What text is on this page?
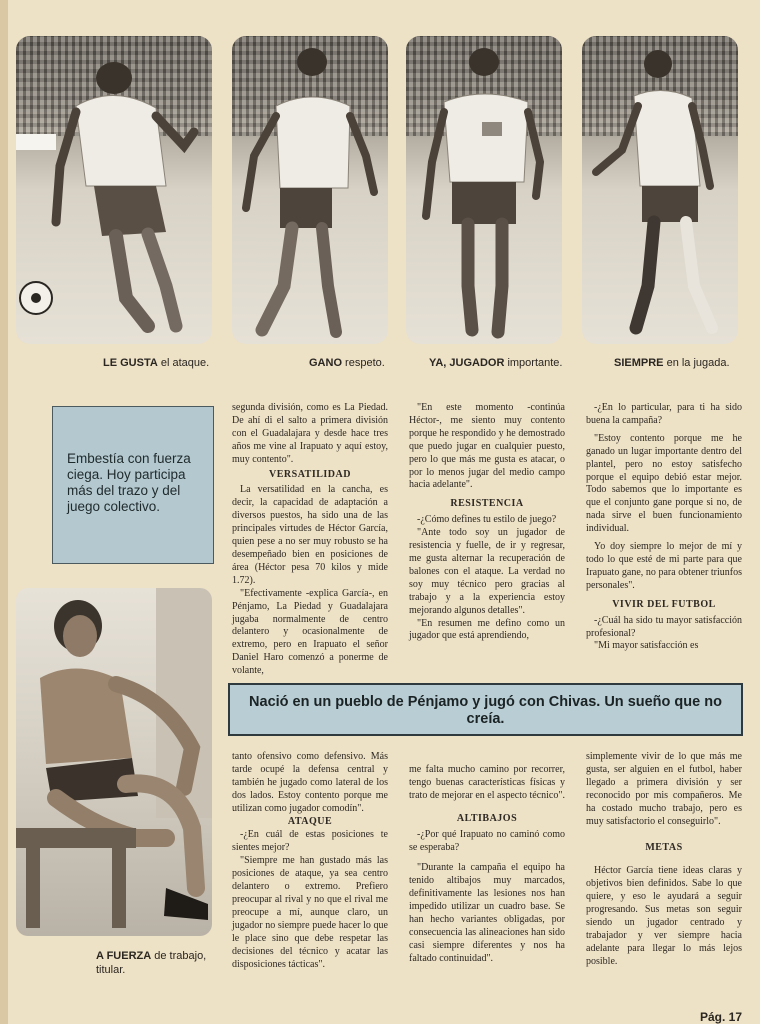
LE GUSTA el ataque.	GANO respeto.	YA, JUGADOR importante.	SIEMPRE en la jugada.

Embestía con fuerza ciega. Hoy participa más del trazo y del juego colectivo.

segunda división, como es La Piedad. De ahí di el salto a primera división con el Guadalajara y desde hace tres años me vine al Irapuato y aquí estoy, muy contento".

VERSATILIDAD

La versatilidad en la cancha, es decir, la capacidad de adaptación a diversos puestos, ha sido una de las principales virtudes de Héctor García, quien pese a no ser muy robusto se ha desempeñado bien en posiciones de área (Héctor pesa 70 kilos y mide 1.72).

"Efectivamente -explica García-, en Pénjamo, La Piedad y Guadalajara jugaba normalmente de centro delantero y ocasionalmente de extremo, pero en Irapuato el señor Daniel Haro comenzó a ponerme de volante,

"En este momento -continúa Héctor-, me siento muy contento porque he respondido y he demostrado que puedo jugar en cualquier puesto, pero lo que más me gusta es atacar, o por lo menos jugar del medio campo hacia adelante".

RESISTENCIA

-¿Cómo defines tu estilo de juego?

"Ante todo soy un jugador de resistencia y fuelle, de ir y regresar, me gusta alternar la recuperación de balones con el ataque. La verdad no soy muy técnico pero gracias al trabajo y a la experiencia estoy mejorando algunos detalles".

"En resumen me defino como un jugador que está aprendiendo,

-¿En lo particular, para ti ha sido buena la campaña?

"Estoy contento porque me he ganado un lugar importante dentro del plantel, pero no estoy satisfecho porque el equipo debió estar mejor. Todo sabemos que lo importante es que el conjunto gane porque si no, de nada sirve el buen funcionamiento individual.

Yo doy siempre lo mejor de mí y todo lo que esté de mi parte para que Irapuato gane, no para obtener triunfos personales".

VIVIR DEL FUTBOL

-¿Cuál ha sido tu mayor satisfacción profesional?

"Mi mayor satisfacción es

Nació en un pueblo de Pénjamo y jugó con Chivas. Un sueño que no creía.

A FUERZA de trabajo, titular.

tanto ofensivo como defensivo. Más tarde ocupé la defensa central y también he jugado como lateral de los dos lados. Estoy contento porque me utilizan como jugador comodín".

ATAQUE

-¿En cuál de estas posiciones te sientes mejor?

"Siempre me han gustado más las posiciones de ataque, ya sea centro delantero o extremo. Prefiero preocupar al rival y no que el rival me preocupe a mí, aunque claro, un jugador no siempre puede hacer lo que le place sino que debe respetar las decisiones del técnico y acatar las disposiciones tácticas".

me falta mucho camino por recorrer, tengo buenas características físicas y trato de mejorar en el aspecto técnico".

ALTIBAJOS

-¿Por qué Irapuato no caminó como se esperaba?

"Durante la campaña el equipo ha tenido altibajos muy marcados, definitivamente las lesiones nos han impedido utilizar un cuadro base. Se han hecho variantes obligadas, por consecuencia las alineaciones han sido casi siempre diferentes y nos ha faltado continuidad".

simplemente vivir de lo que más me gusta, ser alguien en el futbol, haber llegado a primera división y ser reconocido por mis compañeros. Me ha costado mucho trabajo, pero es muy satisfactorio el conseguirlo".

METAS

Héctor García tiene ideas claras y objetivos bien definidos. Sabe lo que quiere, y eso le ayudará a seguir progresando. Sus metas son seguir siendo un jugador centrado y trabajador y ver siempre hacia adelante para llegar lo más lejos posible.

Pág. 17
